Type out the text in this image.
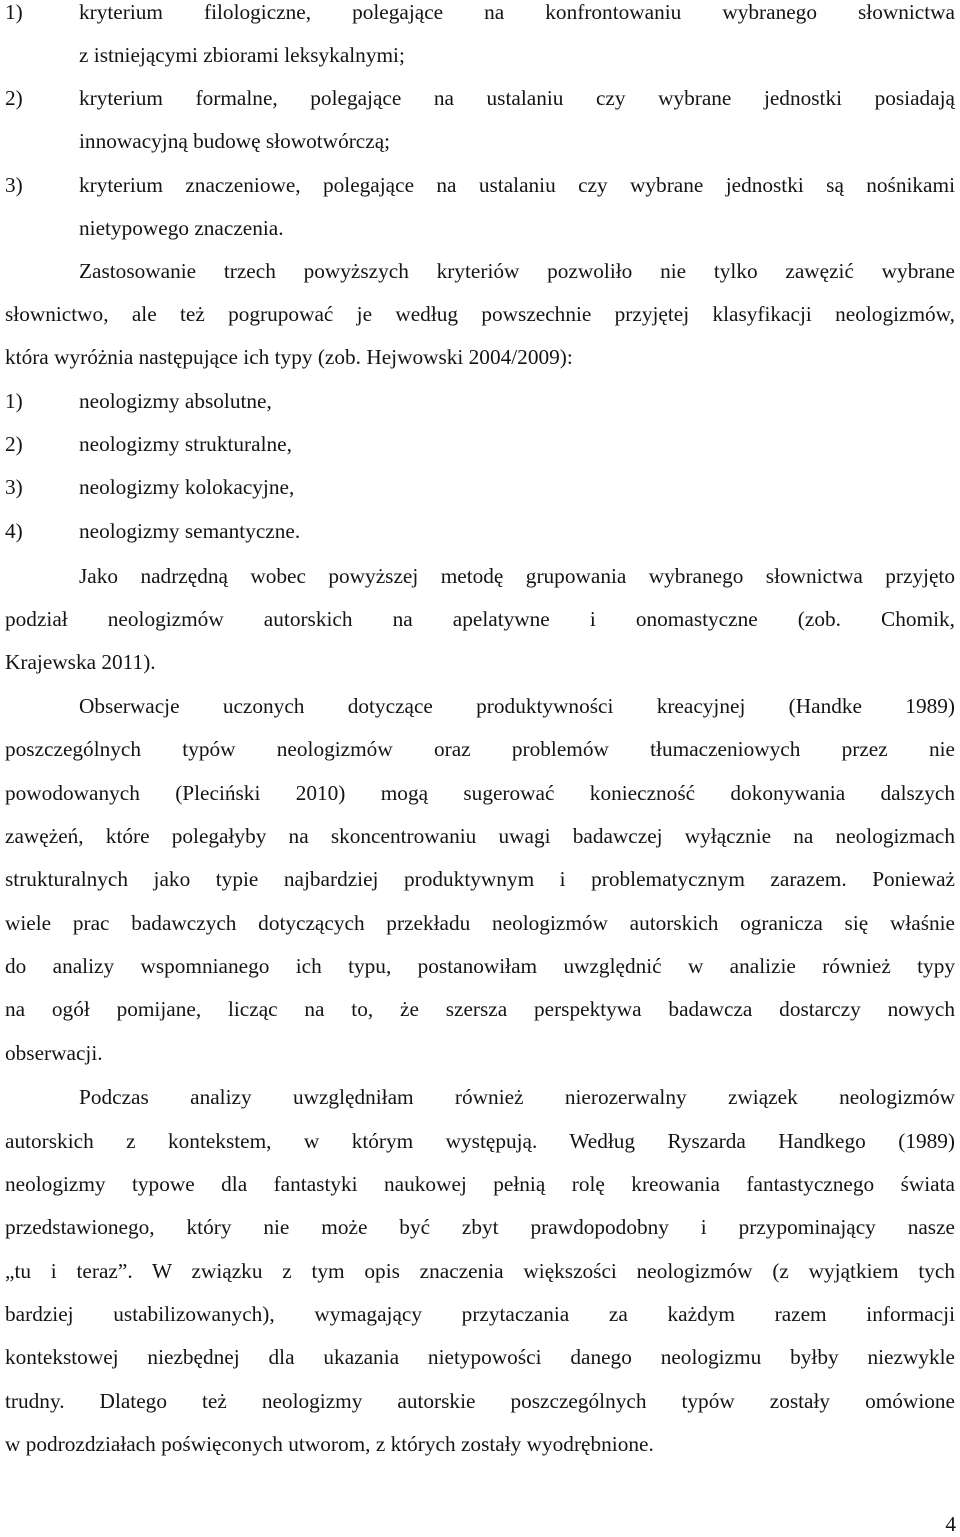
1)	kryterium filologiczne, polegające na konfrontowaniu wybranego słownictwa
z istniejącymi zbiorami leksykalnymi;
2)	kryterium formalne, polegające na ustalaniu czy wybrane jednostki posiadają
innowacyjną budowę słowotwórczą;
3)	kryterium znaczeniowe, polegające na ustalaniu czy wybrane jednostki są nośnikami
nietypowego znaczenia.
Zastosowanie trzech powyższych kryteriów pozwoliło nie tylko zawęzić wybrane
słownictwo, ale też pogrupować je według powszechnie przyjętej klasyfikacji neologizmów,
która wyróżnia następujące ich typy (zob. Hejwowski 2004/2009):
1)	neologizmy absolutne,
2)	neologizmy strukturalne,
3)	neologizmy kolokacyjne,
4)	neologizmy semantyczne.
Jako nadrzędną wobec powyższej metodę grupowania wybranego słownictwa przyjęto
podział neologizmów autorskich na apelatywne i onomastyczne (zob. Chomik,
Krajewska 2011).
Obserwacje uczonych dotyczące produktywności kreacyjnej (Handke 1989)
poszczególnych typów neologizmów oraz problemów tłumaczeniowych przez nie
powodowanych (Pleciński 2010) mogą sugerować konieczność dokonywania dalszych
zawężeń, które polegałyby na skoncentrowaniu uwagi badawczej wyłącznie na neologizmach
strukturalnych jako typie najbardziej produktywnym i problematycznym zarazem. Ponieważ
wiele prac badawczych dotyczących przekładu neologizmów autorskich ogranicza się właśnie
do analizy wspomnianego ich typu, postanowiłam uwzględnić w analizie również typy
na ogół pomijane, licząc na to, że szersza perspektywa badawcza dostarczy nowych
obserwacji.
Podczas analizy uwzględniłam również nierozerwalny związek neologizmów
autorskich z kontekstem, w którym występują. Według Ryszarda Handkego (1989)
neologizmy typowe dla fantastyki naukowej pełnią rolę kreowania fantastycznego świata
przedstawionego, który nie może być zbyt prawdopodobny i przypominający nasze
„tu i teraz”. W związku z tym opis znaczenia większości neologizmów (z wyjątkiem tych
bardziej ustabilizowanych), wymagający przytaczania za każdym razem informacji
kontekstowej niezbędnej dla ukazania nietypowości danego neologizmu byłby niezwykle
trudny. Dlatego też neologizmy autorskie poszczególnych typów zostały omówione
w podrozdziałach poświęconych utworom, z których zostały wyodrębnione.
4
